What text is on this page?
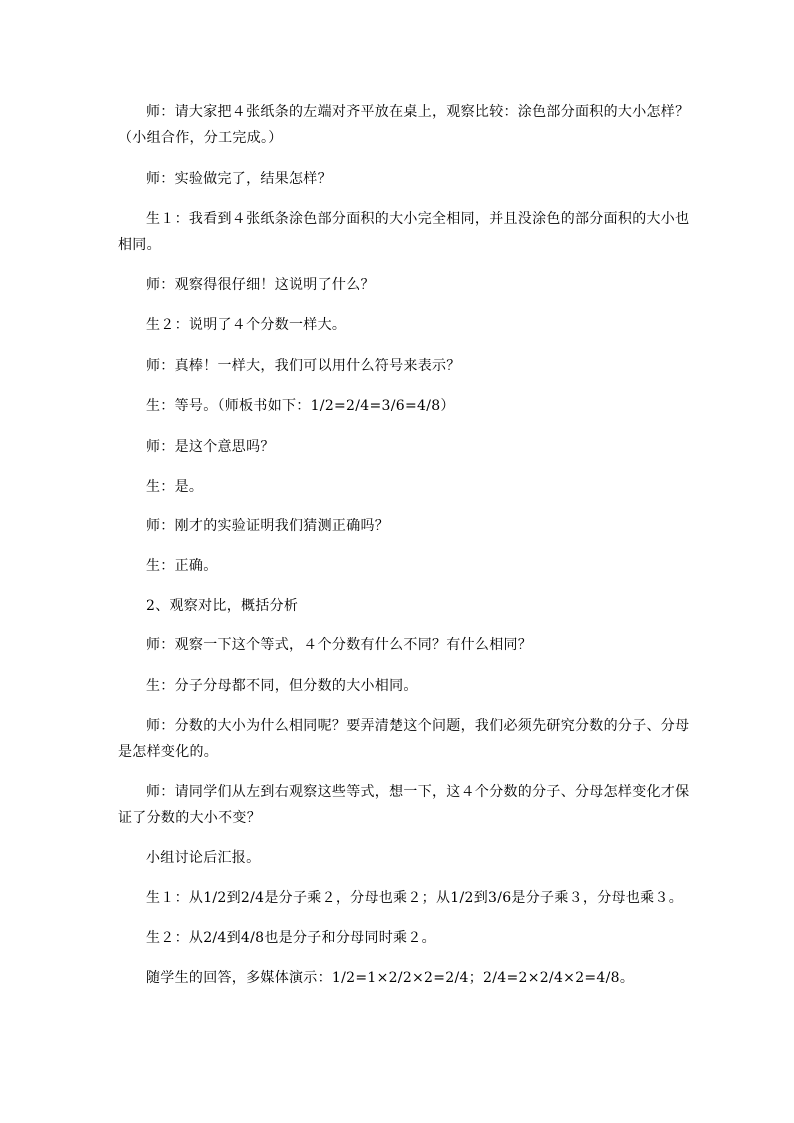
师：请大家把４张纸条的左端对齐平放在桌上，观察比较：涂色部分面积的大小怎样？（小组合作，分工完成。）

师：实验做完了，结果怎样？

生１：我看到４张纸条涂色部分面积的大小完全相同，并且没涂色的部分面积的大小也相同。

师：观察得很仔细！这说明了什么？

生２：说明了４个分数一样大。

师：真棒！一样大，我们可以用什么符号来表示？

生：等号。（师板书如下：1/2=2/4=3/6=4/8）

师：是这个意思吗？

生：是。

师：刚才的实验证明我们猜测正确吗？

生：正确。

2、观察对比，概括分析

师：观察一下这个等式，４个分数有什么不同？有什么相同？

生：分子分母都不同，但分数的大小相同。

师：分数的大小为什么相同呢？要弄清楚这个问题，我们必须先研究分数的分子、分母是怎样变化的。

师：请同学们从左到右观察这些等式，想一下，这４个分数的分子、分母怎样变化才保证了分数的大小不变？

小组讨论后汇报。

生１：从1/2到2/4是分子乘２，分母也乘２；从1/2到3/6是分子乘３，分母也乘３。

生２：从2/4到4/8也是分子和分母同时乘２。

随学生的回答，多媒体演示：1/2=1×2/2×2=2/4；2/4=2×2/4×2=4/8。
